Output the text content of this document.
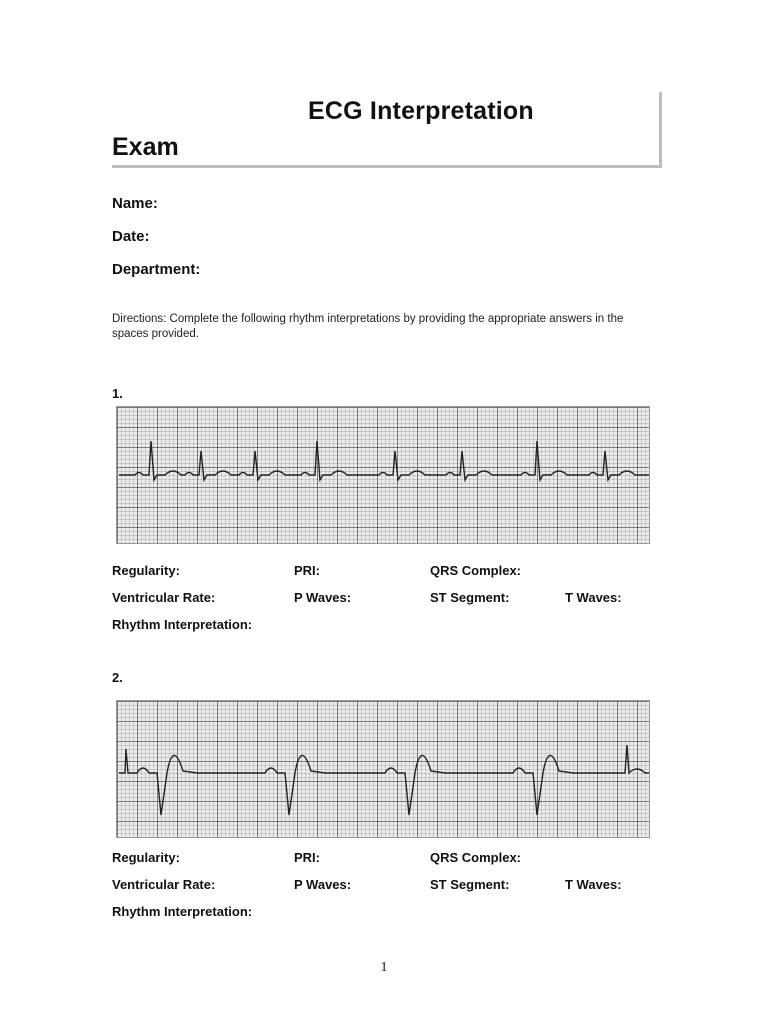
ECG Interpretation
Exam
Name:
Date:
Department:
Directions: Complete the following rhythm interpretations by providing the appropriate answers in the spaces provided.
1.
Regularity:	PRI:	QRS Complex:
Ventricular Rate:	P Waves:	ST Segment:	T Waves:
Rhythm Interpretation:
2.
Regularity:	PRI:	QRS Complex:
Ventricular Rate:	P Waves:	ST Segment:	T Waves:
Rhythm Interpretation:
1
